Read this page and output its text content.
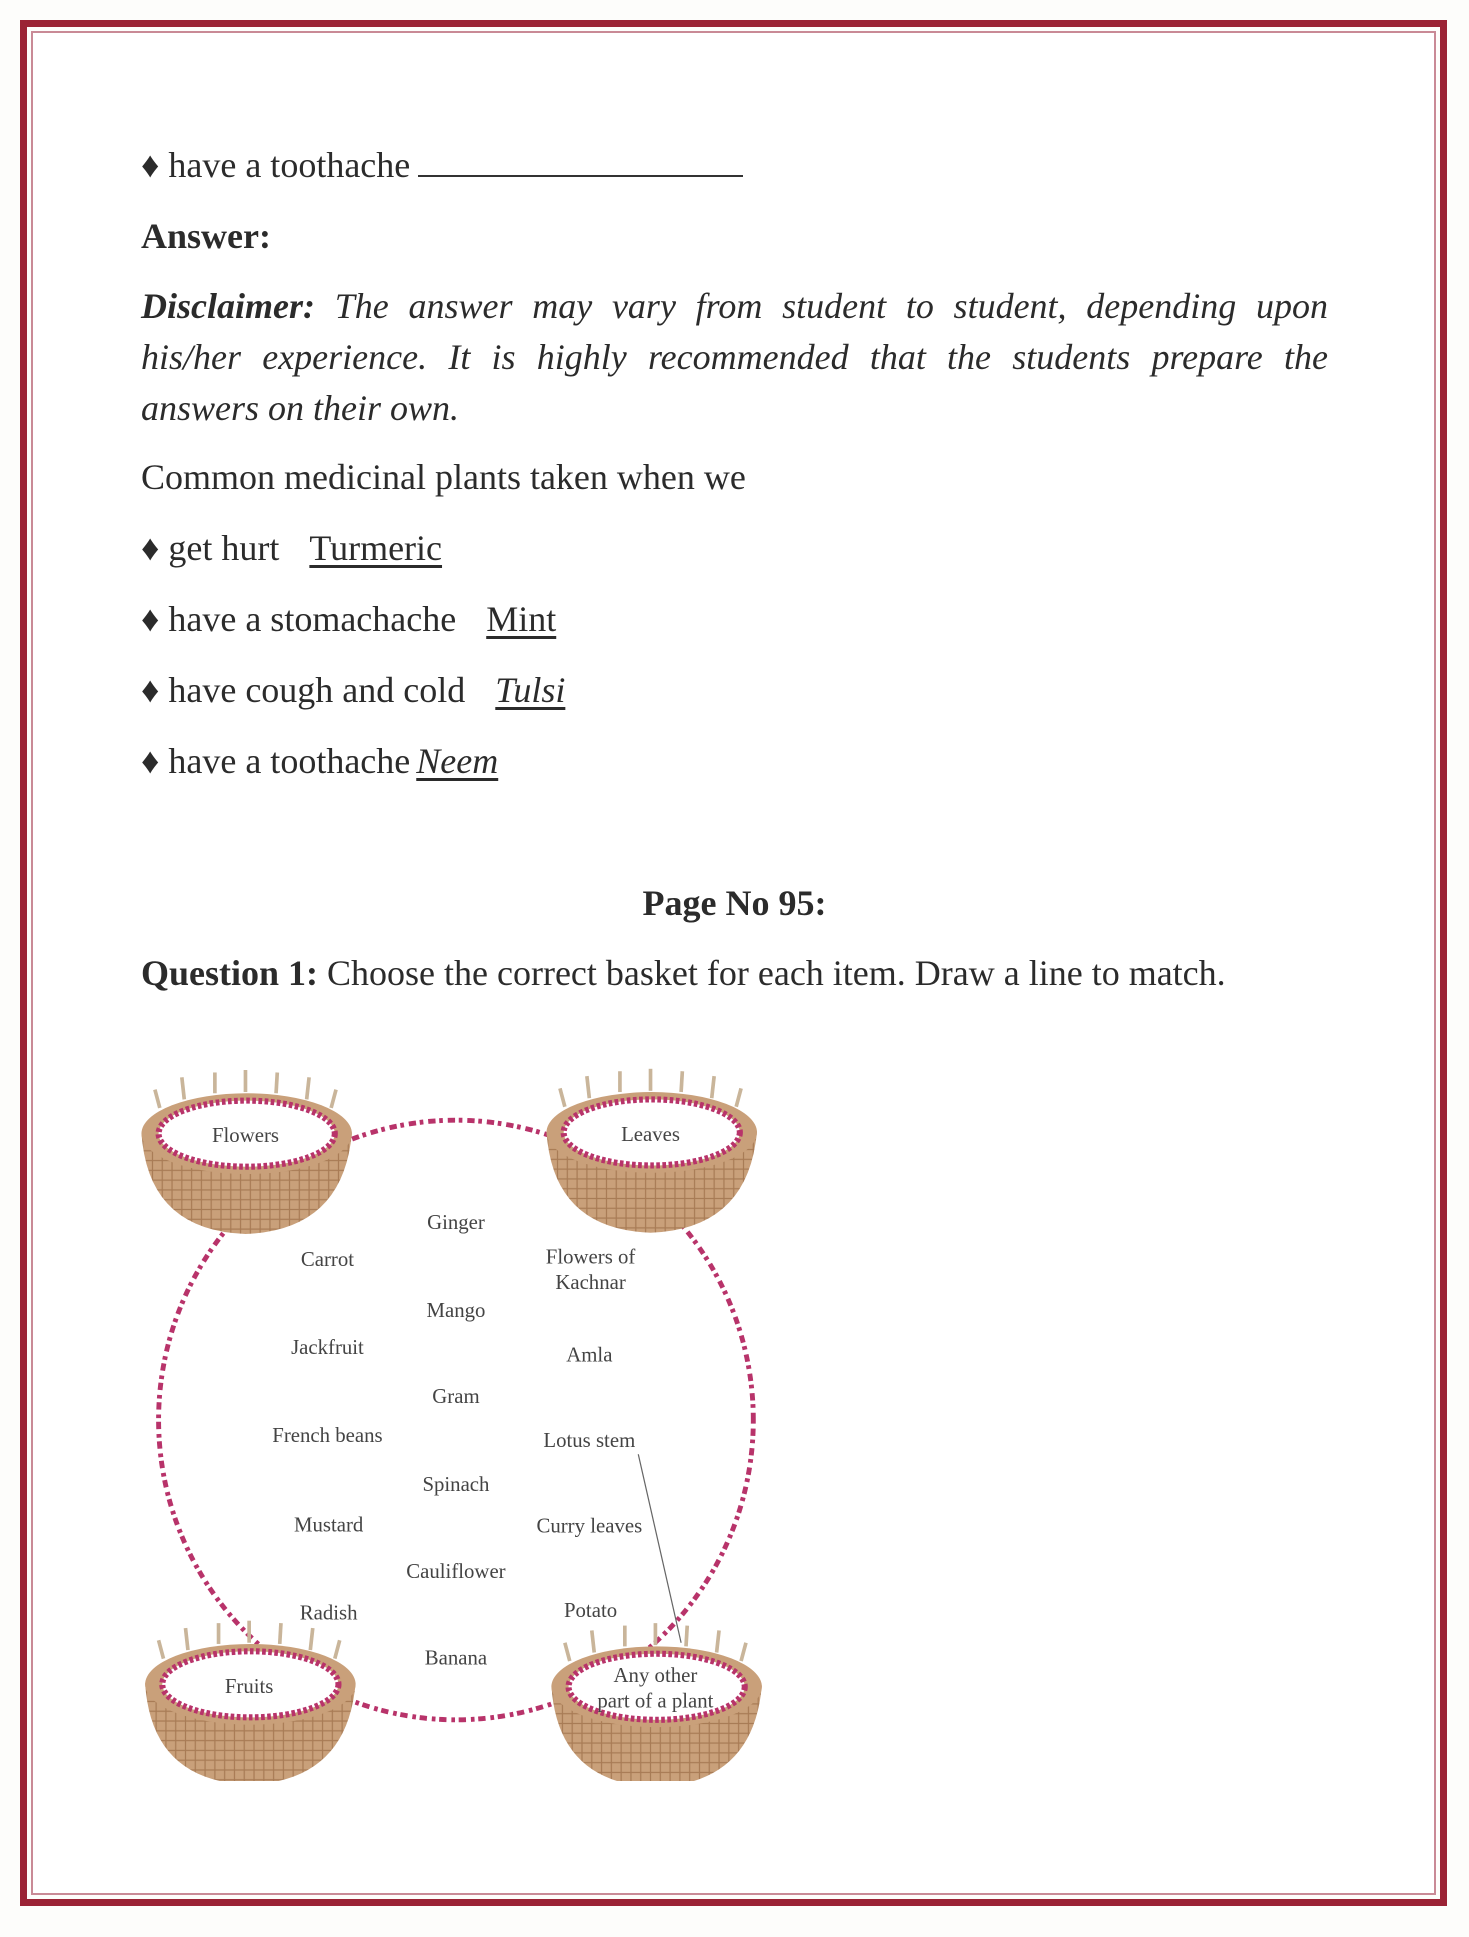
♦ have a toothache
Answer:
Disclaimer: The answer may vary from student to student, depending upon his/her experience. It is highly recommended that the students prepare the answers on their own.
Common medicinal plants taken when we
♦ get hurt Turmeric
♦ have a stomachache Mint
♦ have cough and cold Tulsi
♦ have a toothache Neem
Page No 95:
Question 1: Choose the correct basket for each item. Draw a line to match.
Flowers	Leaves
Fruits	Any other
part of a plant
Ginger
Carrot	Flowers of
Kachnar
Mango
Jackfruit	Amla
Gram
French beans	Lotus stem
Spinach
Mustard	Curry leaves
Cauliflower
Radish	Potato
Banana
